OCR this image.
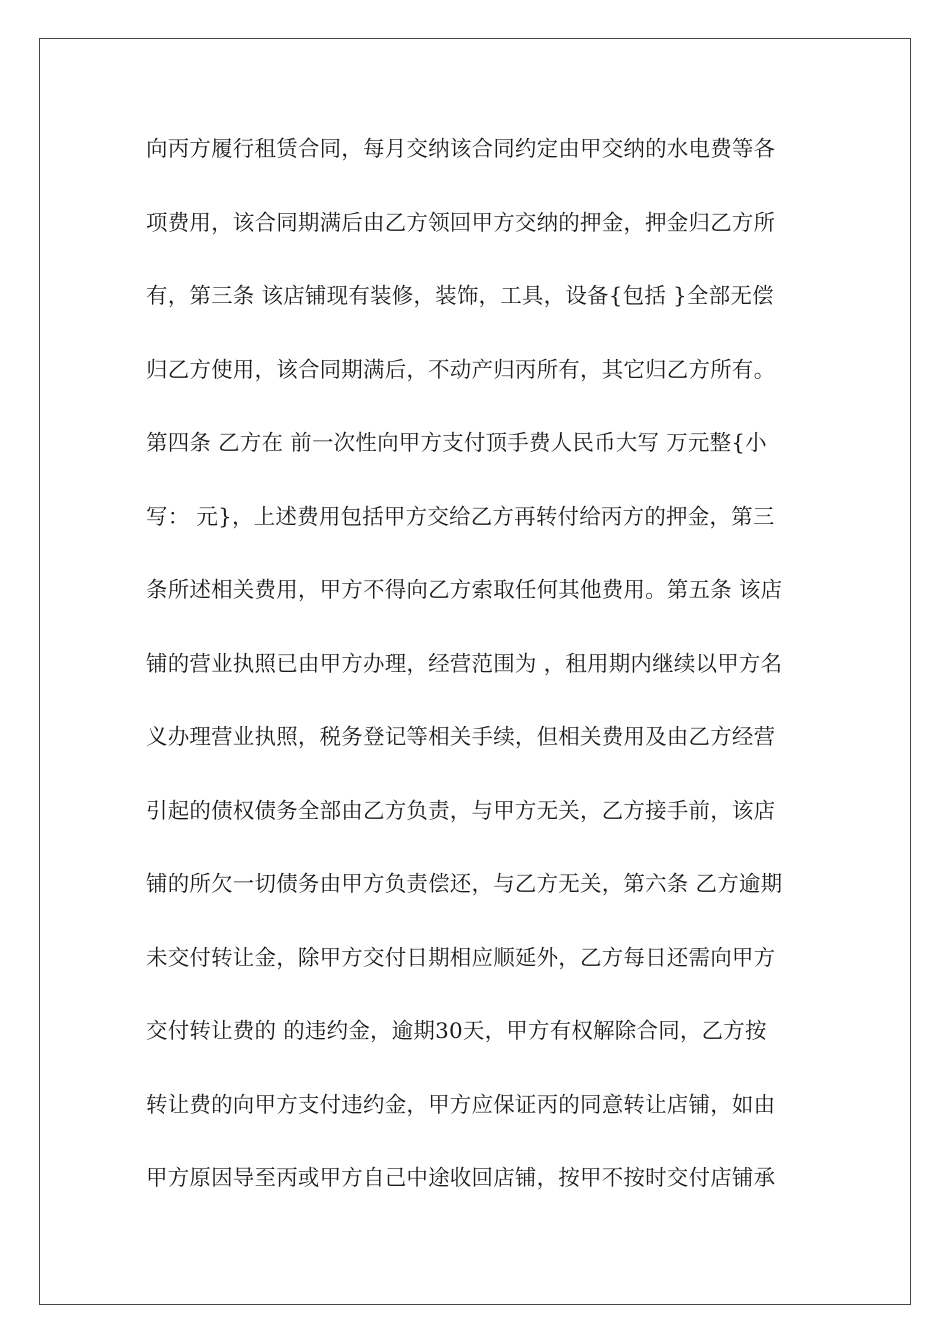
向丙方履行租赁合同，每月交纳该合同约定由甲交纳的水电费等各
项费用，该合同期满后由乙方领回甲方交纳的押金，押金归乙方所
有，第三条 该店铺现有装修，装饰，工具，设备{包括 }全部无偿
归乙方使用，该合同期满后，不动产归丙所有，其它归乙方所有。
第四条 乙方在 前一次性向甲方支付顶手费人民币大写 万元整{小
写： 元}，上述费用包括甲方交给乙方再转付给丙方的押金，第三
条所述相关费用，甲方不得向乙方索取任何其他费用。第五条 该店
铺的营业执照已由甲方办理，经营范围为 ，租用期内继续以甲方名
义办理营业执照，税务登记等相关手续，但相关费用及由乙方经营
引起的债权债务全部由乙方负责，与甲方无关，乙方接手前，该店
铺的所欠一切债务由甲方负责偿还，与乙方无关，第六条 乙方逾期
未交付转让金，除甲方交付日期相应顺延外，乙方每日还需向甲方
交付转让费的 的违约金，逾期30天，甲方有权解除合同，乙方按
转让费的向甲方支付违约金，甲方应保证丙的同意转让店铺，如由
甲方原因导至丙或甲方自己中途收回店铺，按甲不按时交付店铺承
